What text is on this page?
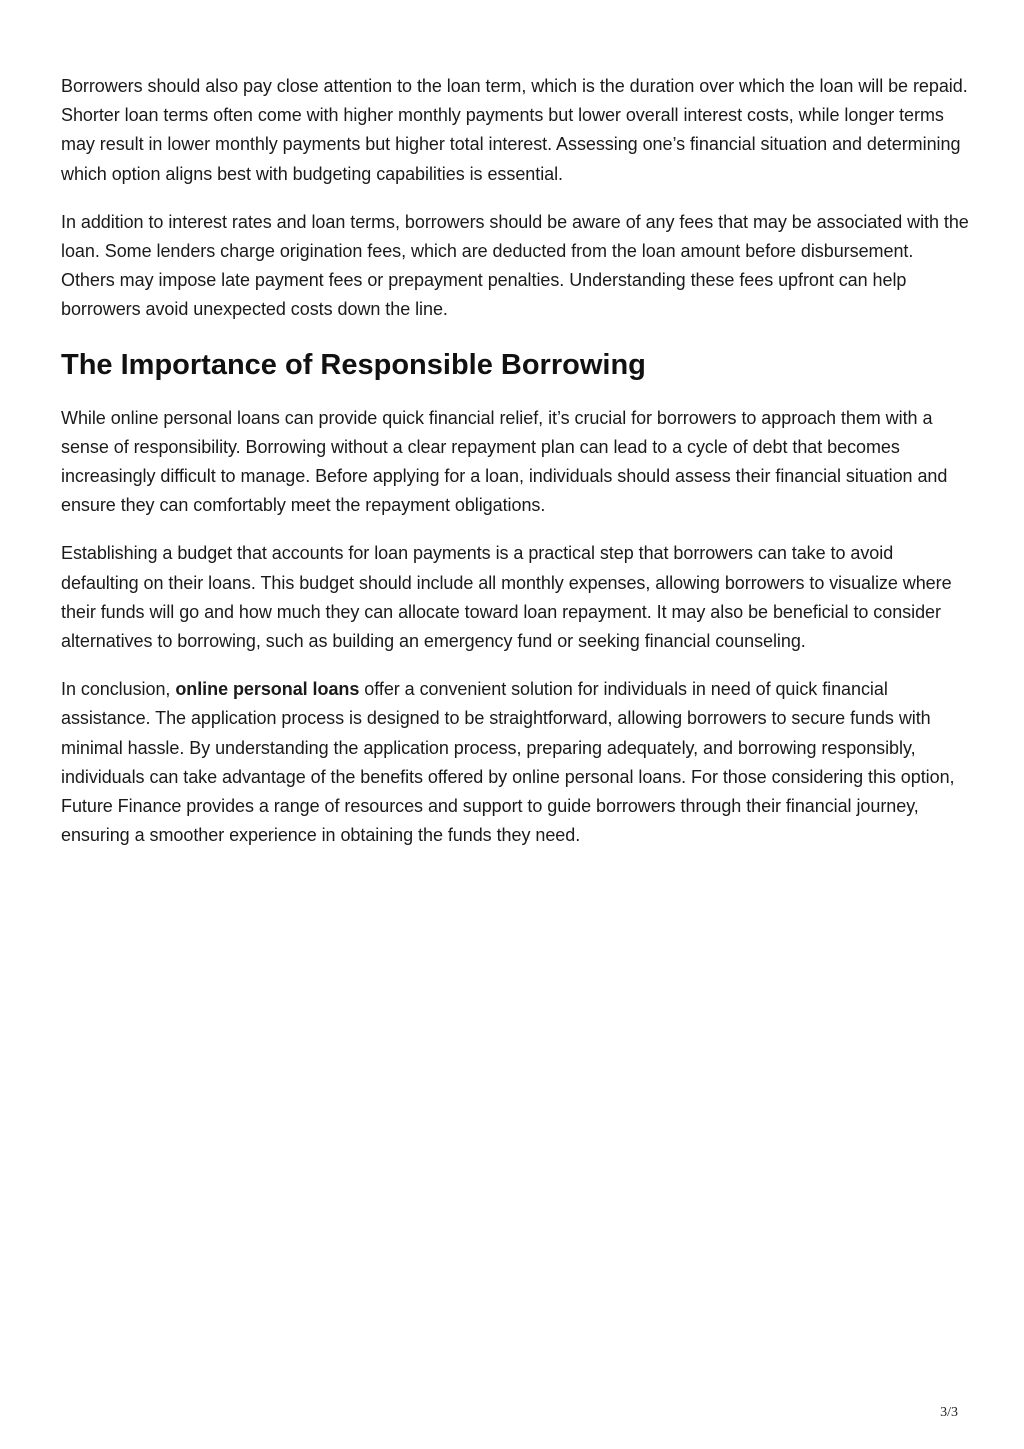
Borrowers should also pay close attention to the loan term, which is the duration over which the loan will be repaid. Shorter loan terms often come with higher monthly payments but lower overall interest costs, while longer terms may result in lower monthly payments but higher total interest. Assessing one’s financial situation and determining which option aligns best with budgeting capabilities is essential.

In addition to interest rates and loan terms, borrowers should be aware of any fees that may be associated with the loan. Some lenders charge origination fees, which are deducted from the loan amount before disbursement. Others may impose late payment fees or prepayment penalties. Understanding these fees upfront can help borrowers avoid unexpected costs down the line.

The Importance of Responsible Borrowing

While online personal loans can provide quick financial relief, it’s crucial for borrowers to approach them with a sense of responsibility. Borrowing without a clear repayment plan can lead to a cycle of debt that becomes increasingly difficult to manage. Before applying for a loan, individuals should assess their financial situation and ensure they can comfortably meet the repayment obligations.

Establishing a budget that accounts for loan payments is a practical step that borrowers can take to avoid defaulting on their loans. This budget should include all monthly expenses, allowing borrowers to visualize where their funds will go and how much they can allocate toward loan repayment. It may also be beneficial to consider alternatives to borrowing, such as building an emergency fund or seeking financial counseling.

In conclusion, online personal loans offer a convenient solution for individuals in need of quick financial assistance. The application process is designed to be straightforward, allowing borrowers to secure funds with minimal hassle. By understanding the application process, preparing adequately, and borrowing responsibly, individuals can take advantage of the benefits offered by online personal loans. For those considering this option, Future Finance provides a range of resources and support to guide borrowers through their financial journey, ensuring a smoother experience in obtaining the funds they need.

3/3
